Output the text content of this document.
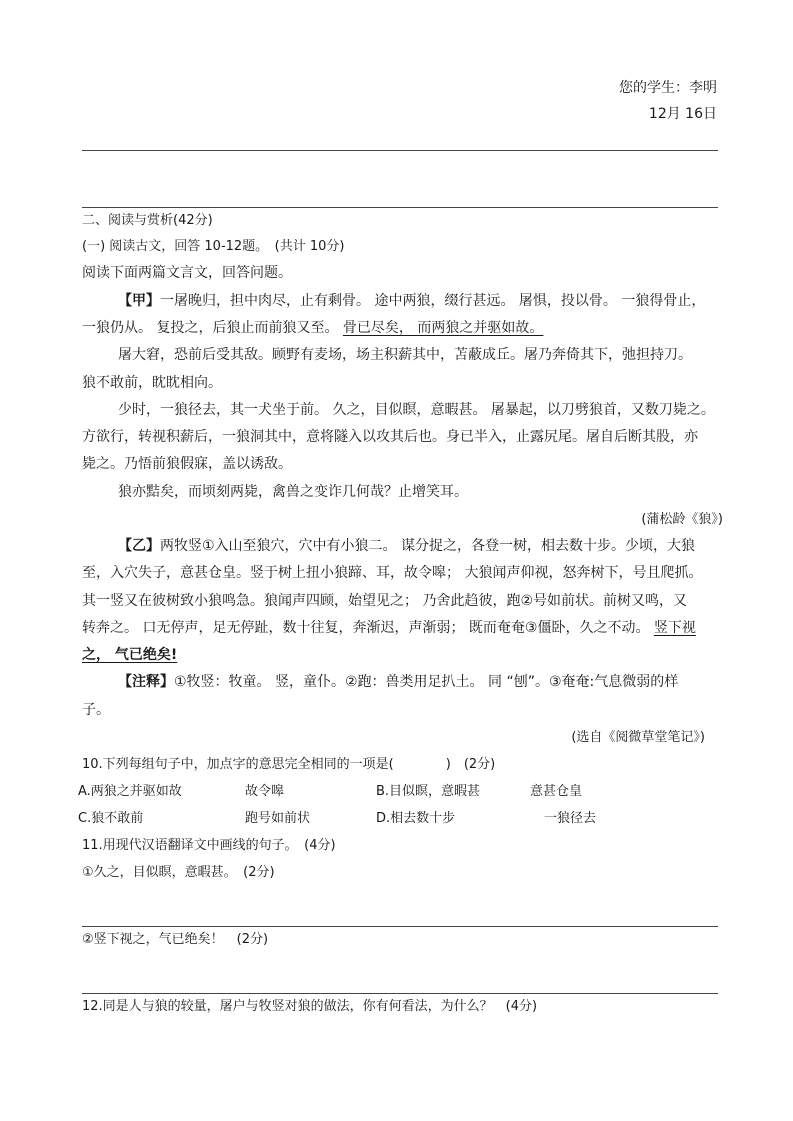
您的学生：李明
12月 16日
二、阅读与赏析(42分)
(一) 阅读古文，回答 10-12题。　(共计 10分)
阅读下面两篇文言文，回答问题。
【甲】一屠晚归，担中肉尽，止有剩骨。 途中两狼，缀行甚远。 屠惧，投以骨。 一狼得骨止，
一狼仍从。 复投之，后狼止而前狼又至。 骨已尽矣， 而两狼之并驱如故。
屠大窘，恐前后受其敌。顾野有麦场，场主积薪其中，苫蔽成丘。屠乃奔倚其下，弛担持刀。
狼不敢前，眈眈相向。
少时，一狼径去，其一犬坐于前。 久之，目似瞑，意暇甚。 屠暴起，以刀劈狼首，又数刀毙之。
方欲行，转视积薪后，一狼洞其中，意将隧入以攻其后也。身已半入，止露尻尾。屠自后断其股，亦
毙之。乃悟前狼假寐，盖以诱敌。
狼亦黠矣，而顷刻两毙，禽兽之变诈几何哉？止增笑耳。
(蒲松龄《狼》)
【乙】两牧竖①入山至狼穴，穴中有小狼二。 谋分捉之，各登一树，相去数十步。少顷，大狼
至，入穴失子，意甚仓皇。竖于树上扭小狼蹄、耳，故令嗥； 大狼闻声仰视，怒奔树下，号且爬抓。
其一竖又在彼树致小狼鸣急。狼闻声四顾，始望见之； 乃舍此趋彼，跑②号如前状。前树又鸣，又
转奔之。 口无停声，足无停趾，数十往复，奔渐迟，声渐弱； 既而奄奄③僵卧，久之不动。 竖下视
之， 气已绝矣!
【注释】①牧竖：牧童。 竖，童仆。②跑：兽类用足扒土。 同 “刨”。③奄奄:气息微弱的样
子。
(选自《阅微草堂笔记》)
10.下列每组句子中，加点字的意思完全相同的一项是(　　　　)　(2分)
A.两狼之并驱如故	故令嗥	B.目似瞑，意暇甚	意甚仓皇
C.狼不敢前	跑号如前状	D.相去数十步	一狼径去
11.用现代汉语翻译文中画线的句子。　(4分)
①久之，目似瞑，意暇甚。　(2分)
②竖下视之，气已绝矣！　(2分)
12.同是人与狼的较量，屠户与牧竖对狼的做法，你有何看法，为什么？　(4分)
